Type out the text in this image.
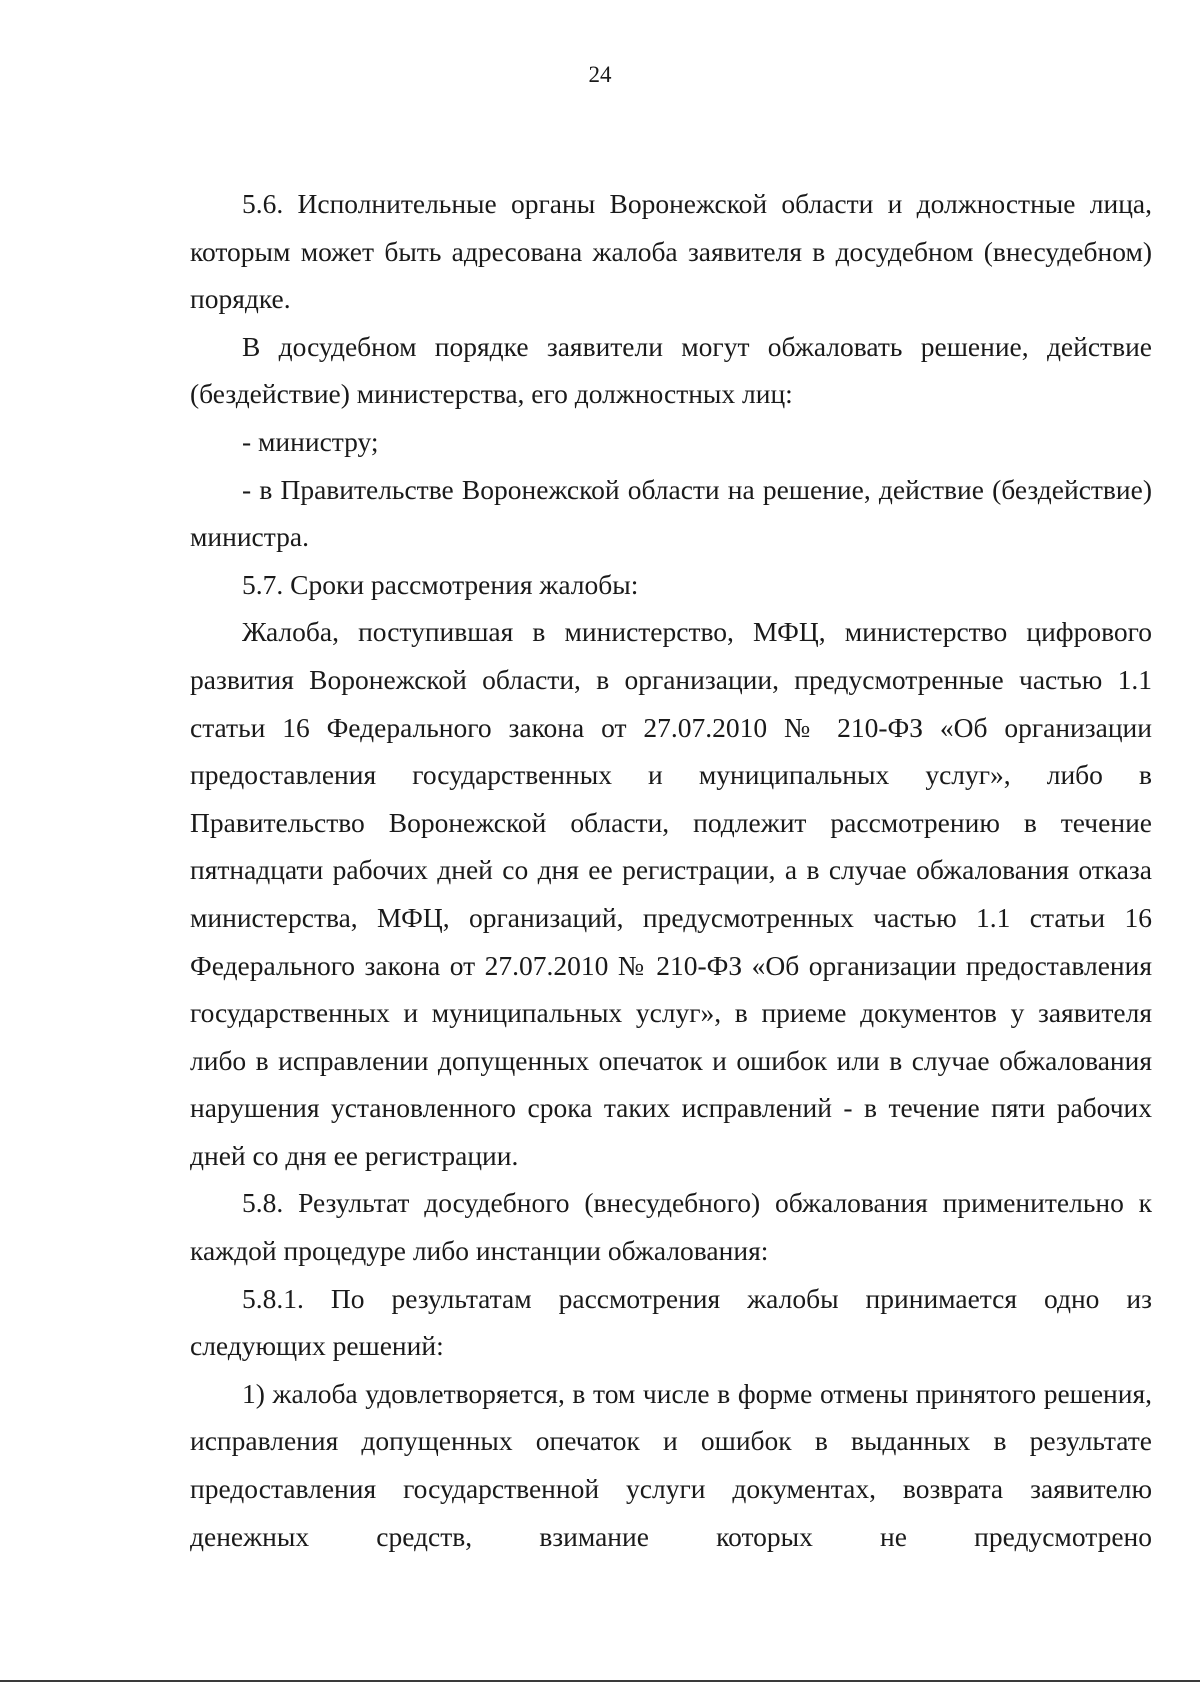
24

5.6. Исполнительные органы Воронежской области и должностные лица, которым может быть адресована жалоба заявителя в досудебном (внесудебном) порядке.

В досудебном порядке заявители могут обжаловать решение, действие (бездействие) министерства, его должностных лиц:

- министру;

- в Правительстве Воронежской области на решение, действие (бездействие) министра.

5.7. Сроки рассмотрения жалобы:

Жалоба, поступившая в министерство, МФЦ, министерство цифрового развития Воронежской области, в организации, предусмотренные частью 1.1 статьи 16 Федерального закона от 27.07.2010 № 210-ФЗ «Об организации предоставления государственных и муниципальных услуг», либо в Правительство Воронежской области, подлежит рассмотрению в течение пятнадцати рабочих дней со дня ее регистрации, а в случае обжалования отказа министерства, МФЦ, организаций, предусмотренных частью 1.1 статьи 16 Федерального закона от 27.07.2010 № 210-ФЗ «Об организации предоставления государственных и муниципальных услуг», в приеме документов у заявителя либо в исправлении допущенных опечаток и ошибок или в случае обжалования нарушения установленного срока таких исправлений - в течение пяти рабочих дней со дня ее регистрации.

5.8. Результат досудебного (внесудебного) обжалования применительно к каждой процедуре либо инстанции обжалования:

5.8.1. По результатам рассмотрения жалобы принимается одно из следующих решений:

1) жалоба удовлетворяется, в том числе в форме отмены принятого решения, исправления допущенных опечаток и ошибок в выданных в результате предоставления государственной услуги документах, возврата заявителю денежных средств, взимание которых не предусмотрено
